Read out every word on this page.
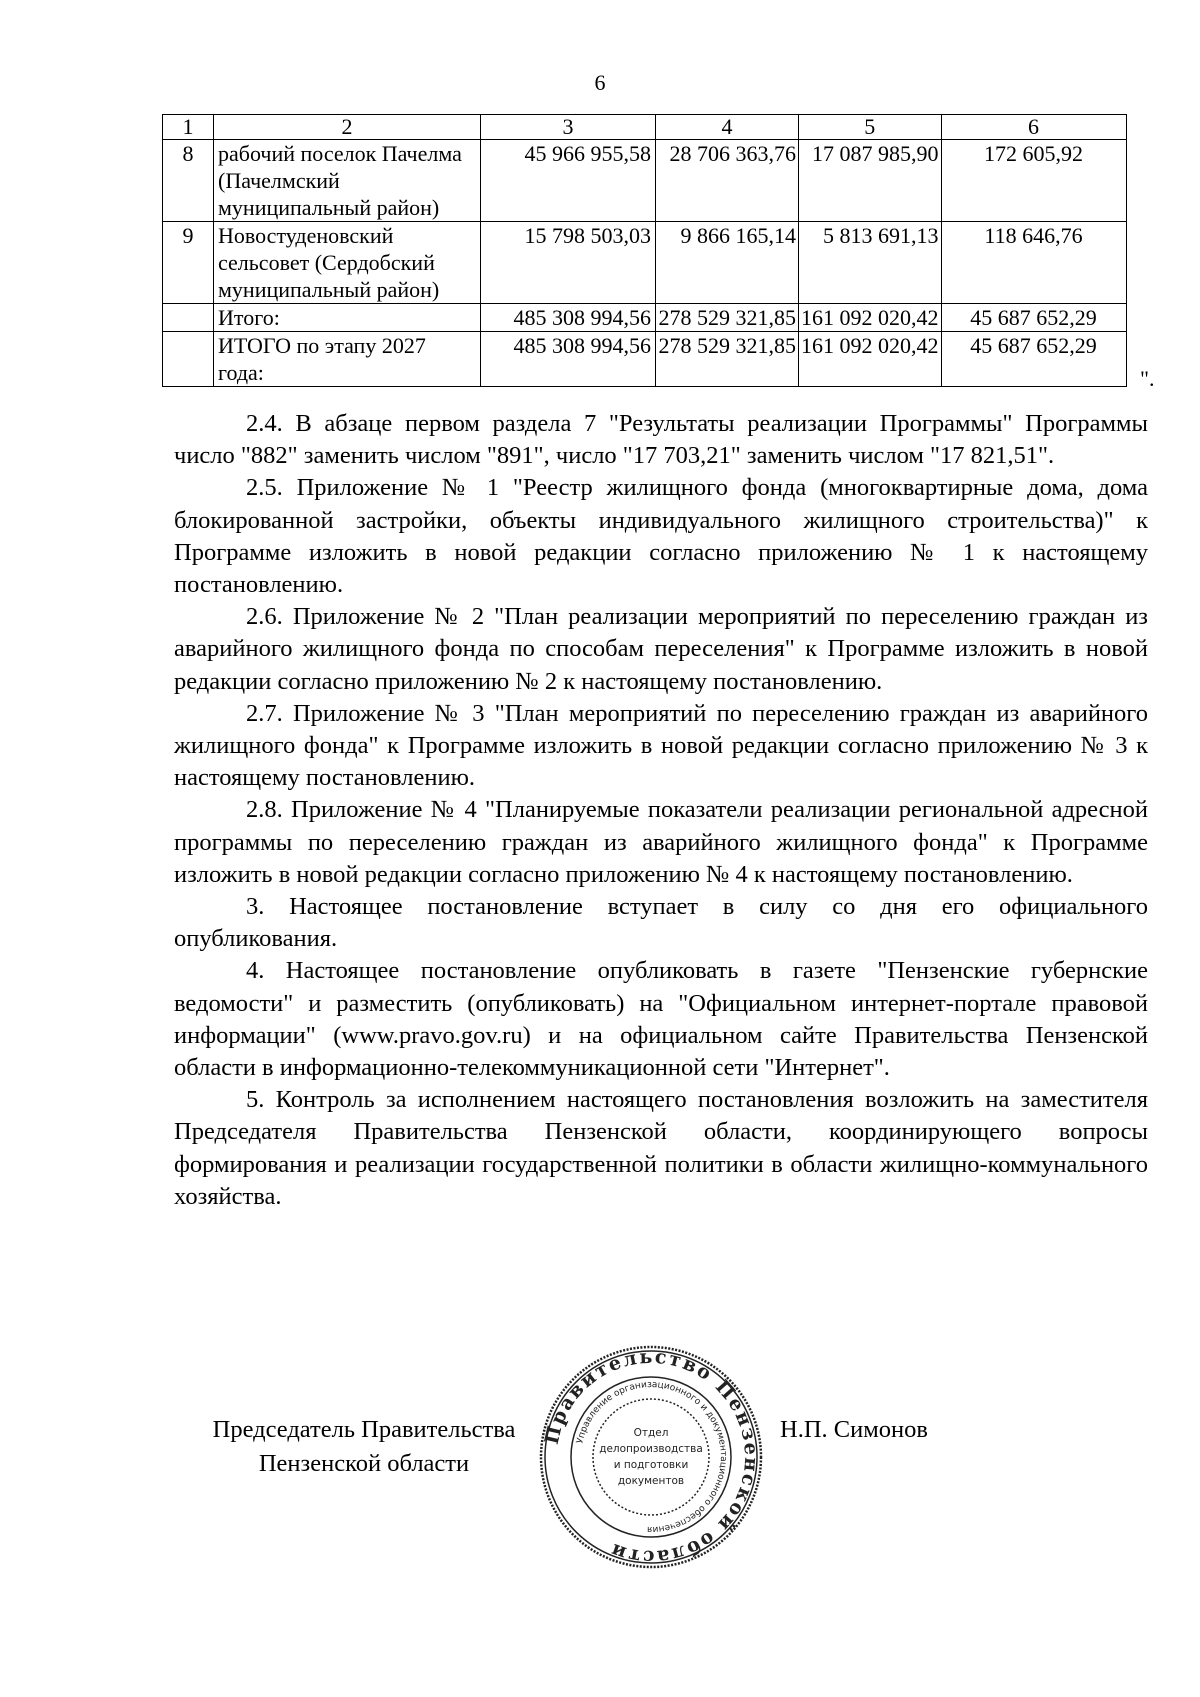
6
1	2	3	4	5	6
8	рабочий поселок Пачелма (Пачелмский муниципальный район)	45 966 955,58	28 706 363,76	17 087 985,90	172 605,92
9	Новостуденовский сельсовет (Сердобский муниципальный район)	15 798 503,03	9 866 165,14	5 813 691,13	118 646,76
	Итого:	485 308 994,56	278 529 321,85	161 092 020,42	45 687 652,29
	ИТОГО по этапу 2027 года:	485 308 994,56	278 529 321,85	161 092 020,42	45 687 652,29
".

2.4. В абзаце первом раздела 7 "Результаты реализации Программы" Программы число "882" заменить числом "891", число "17 703,21" заменить числом "17 821,51".

2.5. Приложение № 1 "Реестр жилищного фонда (многоквартирные дома, дома блокированной застройки, объекты индивидуального жилищного строительства)" к Программе изложить в новой редакции согласно приложению № 1 к настоящему постановлению.

2.6. Приложение № 2 "План реализации мероприятий по переселению граждан из аварийного жилищного фонда по способам переселения" к Программе изложить в новой редакции согласно приложению № 2 к настоящему постановлению.

2.7. Приложение № 3 "План мероприятий по переселению граждан из аварийного жилищного фонда" к Программе изложить в новой редакции согласно приложению № 3 к настоящему постановлению.

2.8. Приложение № 4 "Планируемые показатели реализации региональной адресной программы по переселению граждан из аварийного жилищного фонда" к Программе изложить в новой редакции согласно приложению № 4 к настоящему постановлению.

3. Настоящее постановление вступает в силу со дня его официального опубликования.

4. Настоящее постановление опубликовать в газете "Пензенские губернские ведомости" и разместить (опубликовать) на "Официальном интернет-портале правовой информации" (www.pravo.gov.ru) и на официальном сайте Правительства Пензенской области в информационно-телекоммуникационной сети "Интернет".

5. Контроль за исполнением настоящего постановления возложить на заместителя Председателя Правительства Пензенской области, координирующего вопросы формирования и реализации государственной политики в области жилищно-коммунального хозяйства.

Председатель Правительства
Пензенской области
Н.П. Симонов
Правительство Пензенской области
Управление организационного и документационного обеспечения
Отдел
делопроизводства
и подготовки
документов
